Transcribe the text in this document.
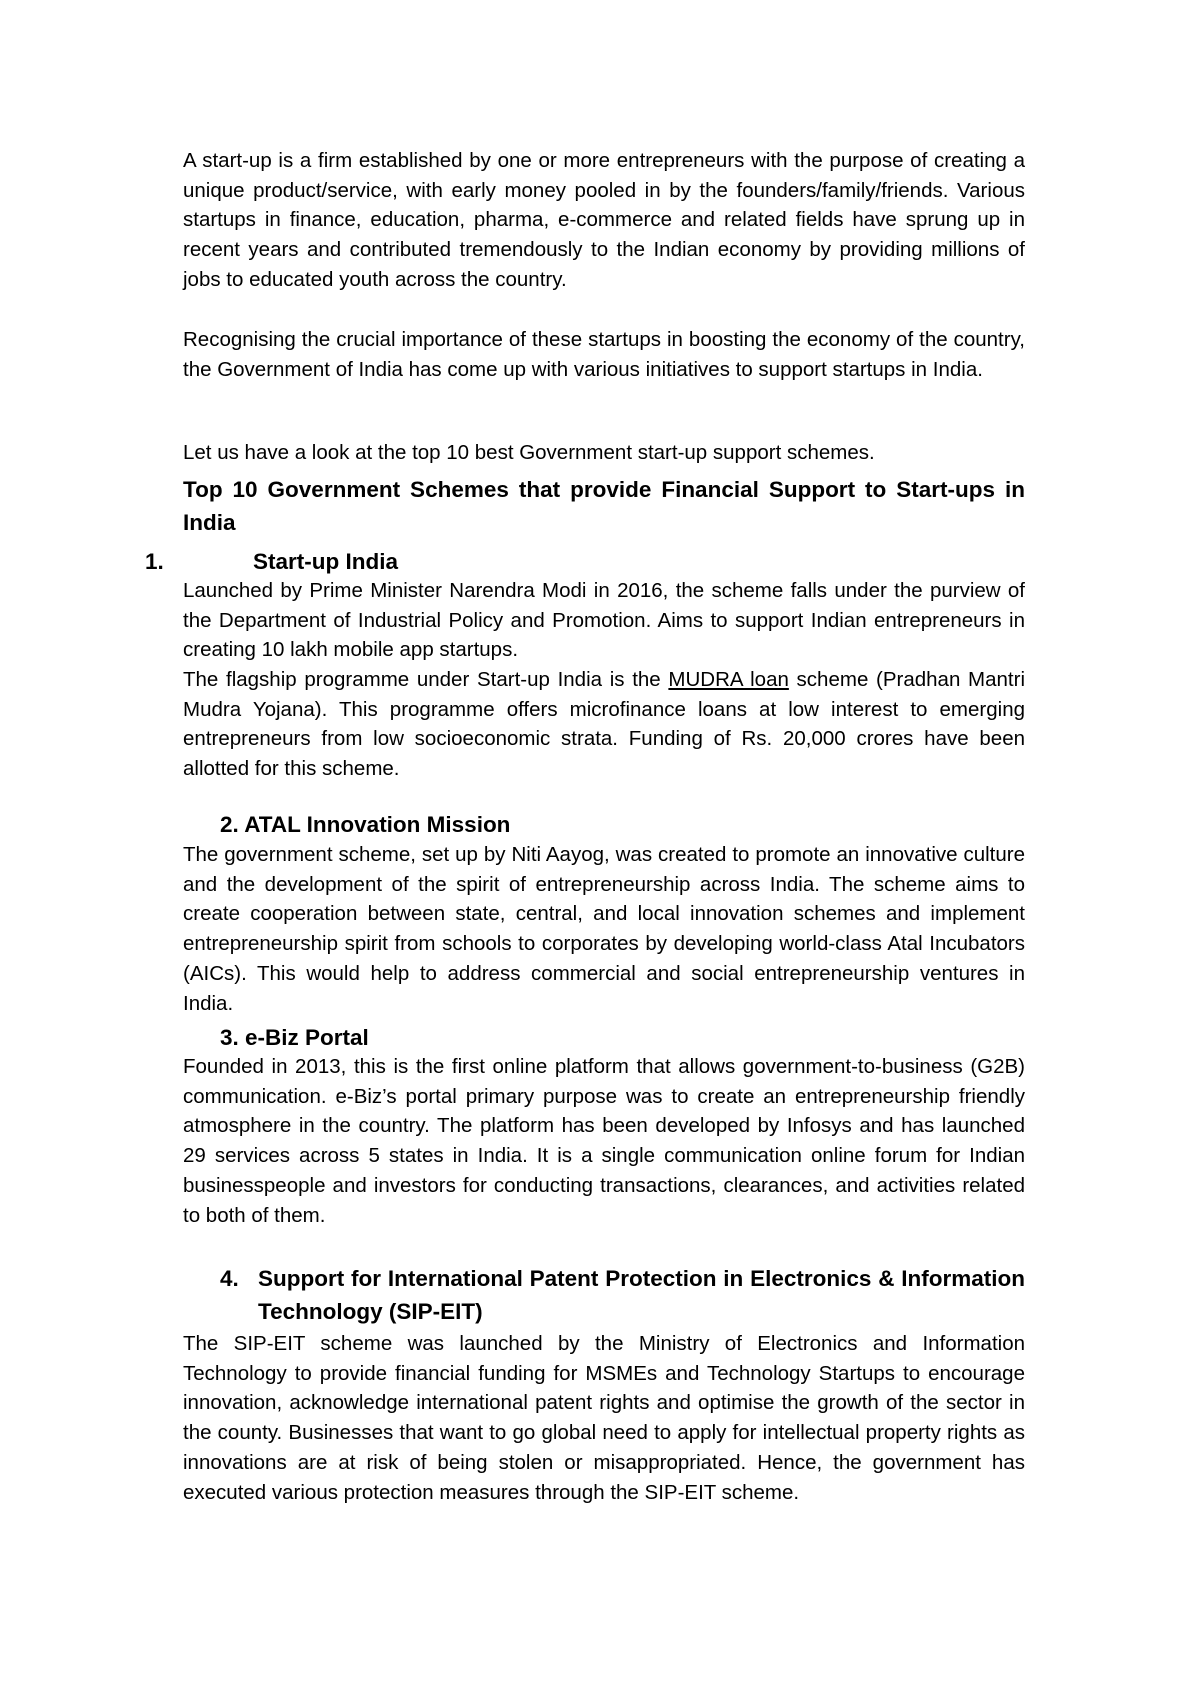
A start-up is a firm established by one or more entrepreneurs with the purpose of creating a unique product/service, with early money pooled in by the founders/family/friends. Various startups in finance, education, pharma, e-commerce and related fields have sprung up in recent years and contributed tremendously to the Indian economy by providing millions of jobs to educated youth across the country.

Recognising the crucial importance of these startups in boosting the economy of the country, the Government of India has come up with various initiatives to support startups in India.

Let us have a look at the top 10 best Government start-up support schemes.

Top 10 Government Schemes that provide Financial Support to Start-ups in India
1.	Start-up India

Launched by Prime Minister Narendra Modi in 2016, the scheme falls under the purview of the Department of Industrial Policy and Promotion. Aims to support Indian entrepreneurs in creating 10 lakh mobile app startups.

The flagship programme under Start-up India is the MUDRA loan scheme (Pradhan Mantri Mudra Yojana). This programme offers microfinance loans at low interest to emerging entrepreneurs from low socioeconomic strata. Funding of Rs. 20,000 crores have been allotted for this scheme.

2. ATAL Innovation Mission

The government scheme, set up by Niti Aayog, was created to promote an innovative culture and the development of the spirit of entrepreneurship across India. The scheme aims to create cooperation between state, central, and local innovation schemes and implement entrepreneurship spirit from schools to corporates by developing world-class Atal Incubators (AICs). This would help to address commercial and social entrepreneurship ventures in India.

3. e-Biz Portal

Founded in 2013, this is the first online platform that allows government-to-business (G2B) communication. e-Biz’s portal primary purpose was to create an entrepreneurship friendly atmosphere in the country. The platform has been developed by Infosys and has launched 29 services across 5 states in India. It is a single communication online forum for Indian businesspeople and investors for conducting transactions, clearances, and activities related to both of them.

4. Support for International Patent Protection in Electronics & Information Technology (SIP-EIT)

The SIP-EIT scheme was launched by the Ministry of Electronics and Information Technology to provide financial funding for MSMEs and Technology Startups to encourage innovation, acknowledge international patent rights and optimise the growth of the sector in the county. Businesses that want to go global need to apply for intellectual property rights as innovations are at risk of being stolen or misappropriated. Hence, the government has executed various protection measures through the SIP-EIT scheme.
